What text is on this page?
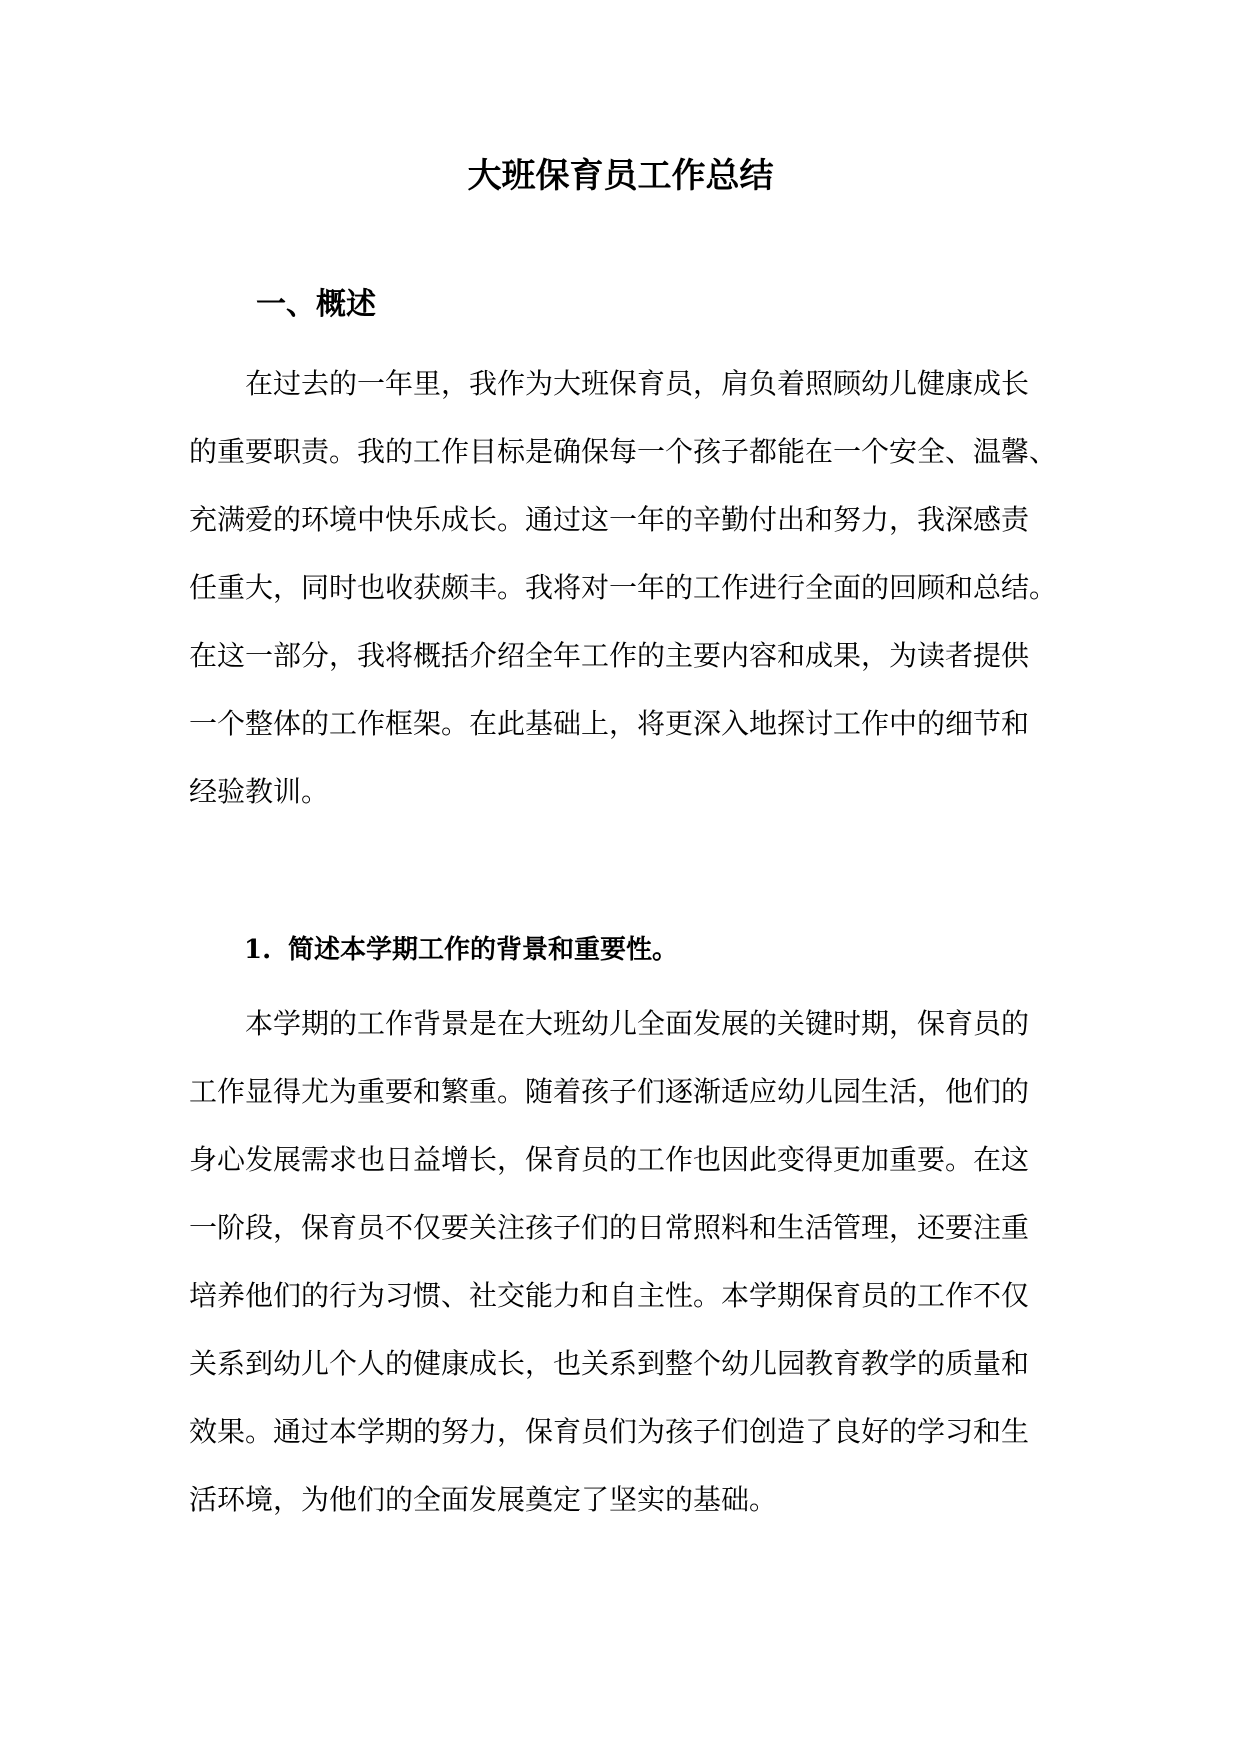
大班保育员工作总结
一、概述

在过去的一年里，我作为大班保育员，肩负着照顾幼儿健康成长
的重要职责。我的工作目标是确保每一个孩子都能在一个安全、温馨、
充满爱的环境中快乐成长。通过这一年的辛勤付出和努力，我深感责
任重大，同时也收获颇丰。我将对一年的工作进行全面的回顾和总结。
在这一部分，我将概括介绍全年工作的主要内容和成果，为读者提供
一个整体的工作框架。在此基础上，将更深入地探讨工作中的细节和
经验教训。

1. 简述本学期工作的背景和重要性。

本学期的工作背景是在大班幼儿全面发展的关键时期，保育员的
工作显得尤为重要和繁重。随着孩子们逐渐适应幼儿园生活，他们的
身心发展需求也日益增长，保育员的工作也因此变得更加重要。在这
一阶段，保育员不仅要关注孩子们的日常照料和生活管理，还要注重
培养他们的行为习惯、社交能力和自主性。本学期保育员的工作不仅
关系到幼儿个人的健康成长，也关系到整个幼儿园教育教学的质量和
效果。通过本学期的努力，保育员们为孩子们创造了良好的学习和生
活环境，为他们的全面发展奠定了坚实的基础。
